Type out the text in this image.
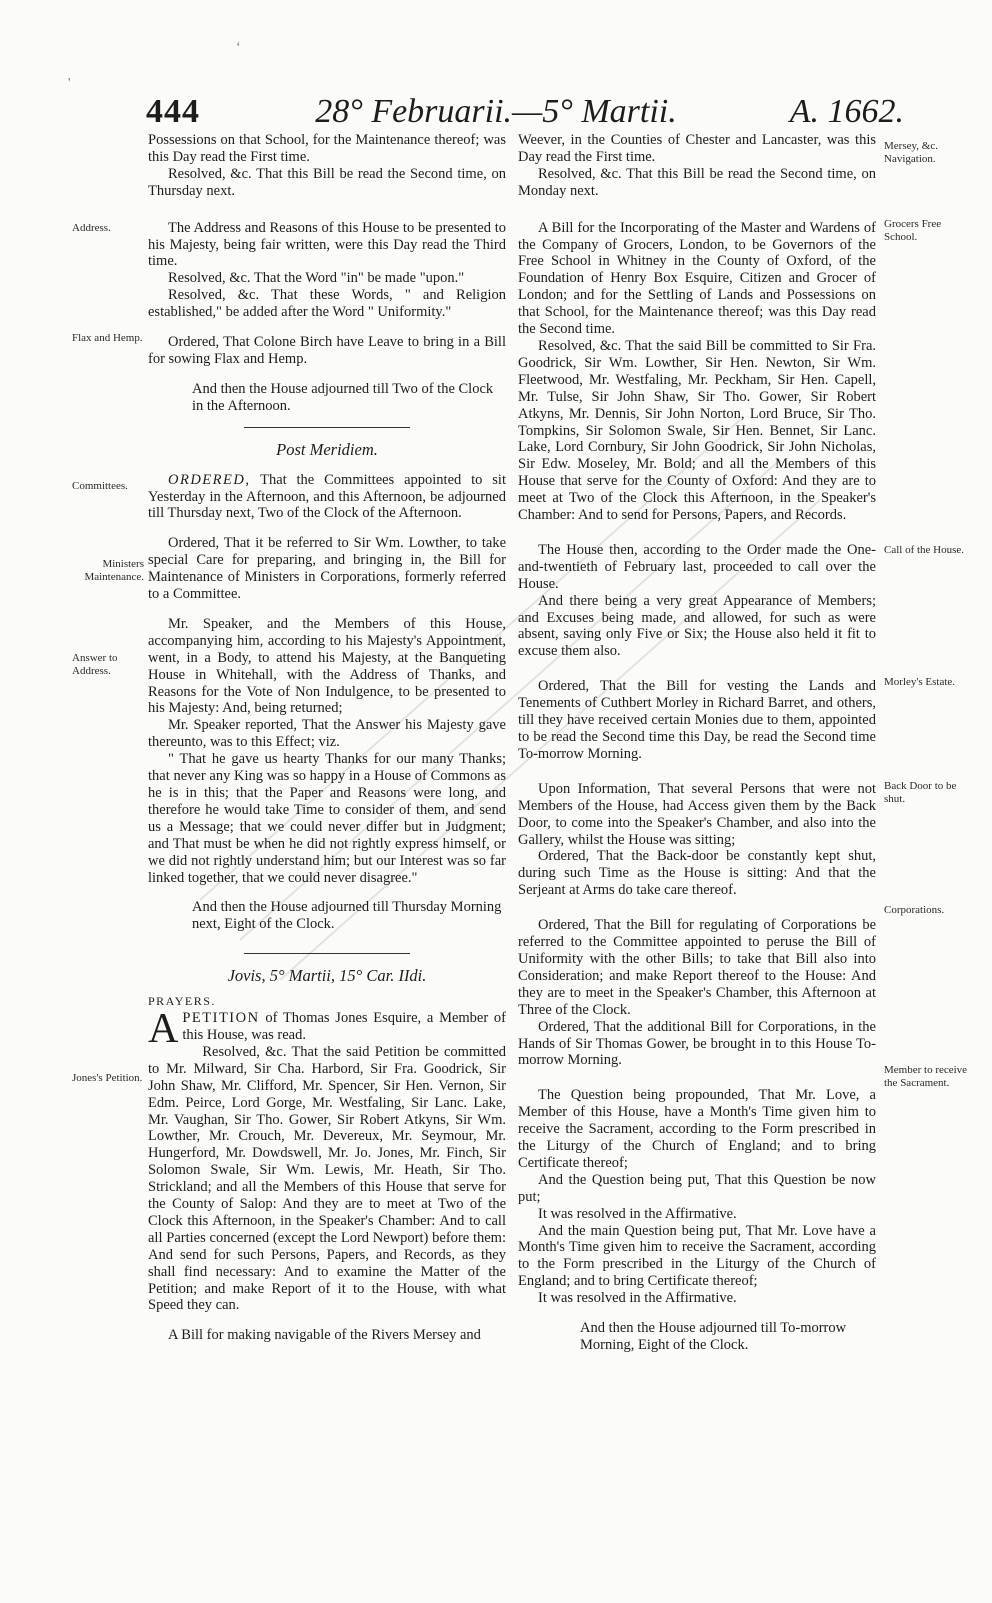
444	28° Februarii.—5° Martii.	A. 1662.
‘
'
Address.
Flax and Hemp.
Committees.
Ministers Maintenance.
Answer to Address.
Jones's Petition.
Mersey, &c. Navigation.
Grocers Free School.
Call of the House.
Morley's Estate.
Back Door to be shut.
Corporations.
Member to receive the Sacrament.

Possessions on that School, for the Maintenance thereof; was this Day read the First time.

Resolved, &c. That this Bill be read the Second time, on Thursday next.

The Address and Reasons of this House to be presented to his Majesty, being fair written, were this Day read the Third time.

Resolved, &c. That the Word "in" be made "upon."

Resolved, &c. That these Words, " and Religion established," be added after the Word " Uniformity."

Ordered, That Colone Birch have Leave to bring in a Bill for sowing Flax and Hemp.

And then the House adjourned till Two of the Clock in the Afternoon.

Post Meridiem.

ORDERED, That the Committees appointed to sit Yesterday in the Afternoon, and this Afternoon, be adjourned till Thursday next, Two of the Clock of the Afternoon.

Ordered, That it be referred to Sir Wm. Lowther, to take special Care for preparing, and bringing in, the Bill for Maintenance of Ministers in Corporations, formerly referred to a Committee.

Mr. Speaker, and the Members of this House, accompanying him, according to his Majesty's Appointment, went, in a Body, to attend his Majesty, at the Banqueting House in Whitehall, with the Address of Thanks, and Reasons for the Vote of Non Indulgence, to be presented to his Majesty: And, being returned;

Mr. Speaker reported, That the Answer his Majesty gave thereunto, was to this Effect; viz.

" That he gave us hearty Thanks for our many Thanks; that never any King was so happy in a House of Commons as he is in this; that the Paper and Reasons were long, and therefore he would take Time to consider of them, and send us a Message; that we could never differ but in Judgment; and That must be when he did not rightly express himself, or we did not rightly understand him; but our Interest was so far linked together, that we could never disagree."

And then the House adjourned till Thursday Morning next, Eight of the Clock.

Jovis, 5° Martii, 15° Car. IIdi.

PRAYERS.

APETITION of Thomas Jones Esquire, a Member of this House, was read.

Resolved, &c. That the said Petition be committed to Mr. Milward, Sir Cha. Harbord, Sir Fra. Goodrick, Sir John Shaw, Mr. Clifford, Mr. Spencer, Sir Hen. Vernon, Sir Edm. Peirce, Lord Gorge, Mr. Westfaling, Sir Lanc. Lake, Mr. Vaughan, Sir Tho. Gower, Sir Robert Atkyns, Sir Wm. Lowther, Mr. Crouch, Mr. Devereux, Mr. Seymour, Mr. Hungerford, Mr. Dowdswell, Mr. Jo. Jones, Mr. Finch, Sir Solomon Swale, Sir Wm. Lewis, Mr. Heath, Sir Tho. Strickland; and all the Members of this House that serve for the County of Salop: And they are to meet at Two of the Clock this Afternoon, in the Speaker's Chamber: And to call all Parties concerned (except the Lord Newport) before them: And send for such Persons, Papers, and Records, as they shall find necessary: And to examine the Matter of the Petition; and make Report of it to the House, with what Speed they can.

A Bill for making navigable of the Rivers Mersey and

Weever, in the Counties of Chester and Lancaster, was this Day read the First time.

Resolved, &c. That this Bill be read the Second time, on Monday next.

A Bill for the Incorporating of the Master and Wardens of the Company of Grocers, London, to be Governors of the Free School in Whitney in the County of Oxford, of the Foundation of Henry Box Esquire, Citizen and Grocer of London; and for the Settling of Lands and Possessions on that School, for the Maintenance thereof; was this Day read the Second time.

Resolved, &c. That the said Bill be committed to Sir Fra. Goodrick, Sir Wm. Lowther, Sir Hen. Newton, Sir Wm. Fleetwood, Mr. Westfaling, Mr. Peckham, Sir Hen. Capell, Mr. Tulse, Sir John Shaw, Sir Tho. Gower, Sir Robert Atkyns, Mr. Dennis, Sir John Norton, Lord Bruce, Sir Tho. Tompkins, Sir Solomon Swale, Sir Hen. Bennet, Sir Lanc. Lake, Lord Cornbury, Sir John Goodrick, Sir John Nicholas, Sir Edw. Moseley, Mr. Bold; and all the Members of this House that serve for the County of Oxford: And they are to meet at Two of the Clock this Afternoon, in the Speaker's Chamber: And to send for Persons, Papers, and Records.

The House then, according to the Order made the One-and-twentieth of February last, proceeded to call over the House.

And there being a very great Appearance of Members; and Excuses being made, and allowed, for such as were absent, saving only Five or Six; the House also held it fit to excuse them also.

Ordered, That the Bill for vesting the Lands and Tenements of Cuthbert Morley in Richard Barret, and others, till they have received certain Monies due to them, appointed to be read the Second time this Day, be read the Second time To-morrow Morning.

Upon Information, That several Persons that were not Members of the House, had Access given them by the Back Door, to come into the Speaker's Chamber, and also into the Gallery, whilst the House was sitting;

Ordered, That the Back-door be constantly kept shut, during such Time as the House is sitting: And that the Serjeant at Arms do take care thereof.

Ordered, That the Bill for regulating of Corporations be referred to the Committee appointed to peruse the Bill of Uniformity with the other Bills; to take that Bill also into Consideration; and make Report thereof to the House: And they are to meet in the Speaker's Chamber, this Afternoon at Three of the Clock.

Ordered, That the additional Bill for Corporations, in the Hands of Sir Thomas Gower, be brought in to this House To-morrow Morning.

The Question being propounded, That Mr. Love, a Member of this House, have a Month's Time given him to receive the Sacrament, according to the Form prescribed in the Liturgy of the Church of England; and to bring Certificate thereof;

And the Question being put, That this Question be now put;

It was resolved in the Affirmative.

And the main Question being put, That Mr. Love have a Month's Time given him to receive the Sacrament, according to the Form prescribed in the Liturgy of the Church of England; and to bring Certificate thereof;

It was resolved in the Affirmative.

And then the House adjourned till To-morrow Morning, Eight of the Clock.
